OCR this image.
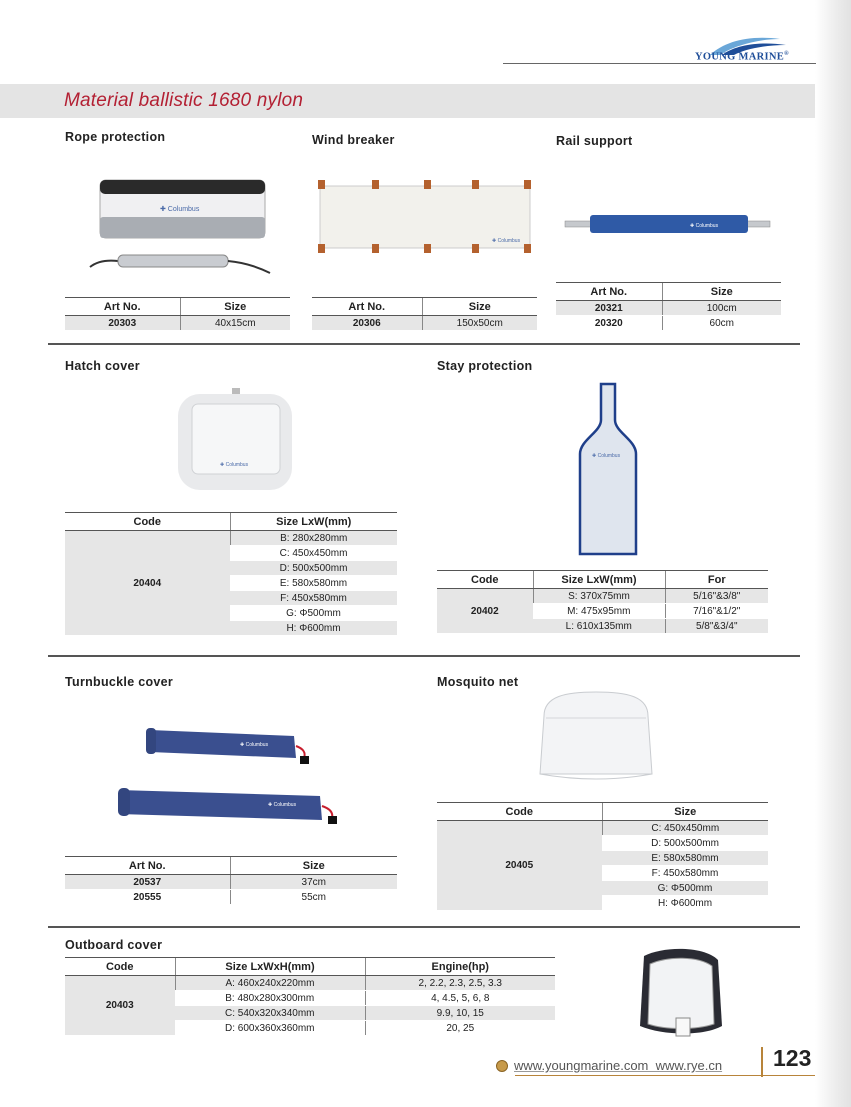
YOUNG MARINE®
Material ballistic 1680 nylon
Rope protection
✚ Columbus
Art No.	Size
20303	40x15cm
Wind breaker
✚ Columbus
Art No.	Size
20306	150x50cm
Rail support
✚ Columbus
Art No.	Size
20321	100cm
20320	60cm
Hatch cover
✚ Columbus
Code	Size LxW(mm)
20404	B: 280x280mm
	C: 450x450mm
	D: 500x500mm
	E: 580x580mm
	F: 450x580mm
	G: Φ500mm
	H: Φ600mm
Stay protection
✚ Columbus
Code	Size LxW(mm)	For
20402	S: 370x75mm	5/16"&3/8"
	M: 475x95mm	7/16"&1/2"
	L: 610x135mm	5/8"&3/4"
Turnbuckle cover
✚ Columbus
✚ Columbus
Art No.	Size
20537	37cm
20555	55cm
Mosquito net
Code	Size
20405	C: 450x450mm
	D: 500x500mm
	E: 580x580mm
	F: 450x580mm
	G: Φ500mm
	H: Φ600mm
Outboard cover
Code	Size LxWxH(mm)	Engine(hp)
20403	A: 460x240x220mm	2, 2.2, 2.3, 2.5, 3.3
	B: 480x280x300mm	4, 4.5, 5, 6, 8
	C: 540x320x340mm	9.9, 10, 15
	D: 600x360x360mm	20, 25
www.youngmarine.com  www.rye.cn 123
